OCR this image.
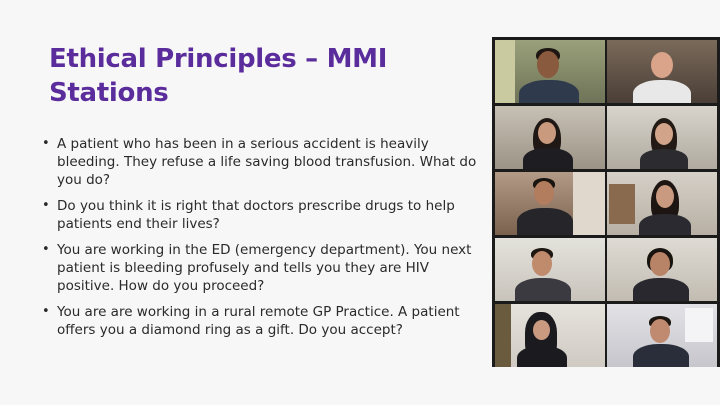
Ethical Principles – MMI Stations
• A patient who has been in a serious accident is heavily bleeding. They refuse a life saving blood transfusion. What do you do?
• Do you think it is right that doctors prescribe drugs to help patients end their lives?
• You are working in the ED (emergency department). You next patient is bleeding profusely and tells you they are HIV positive. How do you proceed?
• You are are working in a rural remote GP Practice. A patient offers you a diamond ring as a gift. Do you accept?
